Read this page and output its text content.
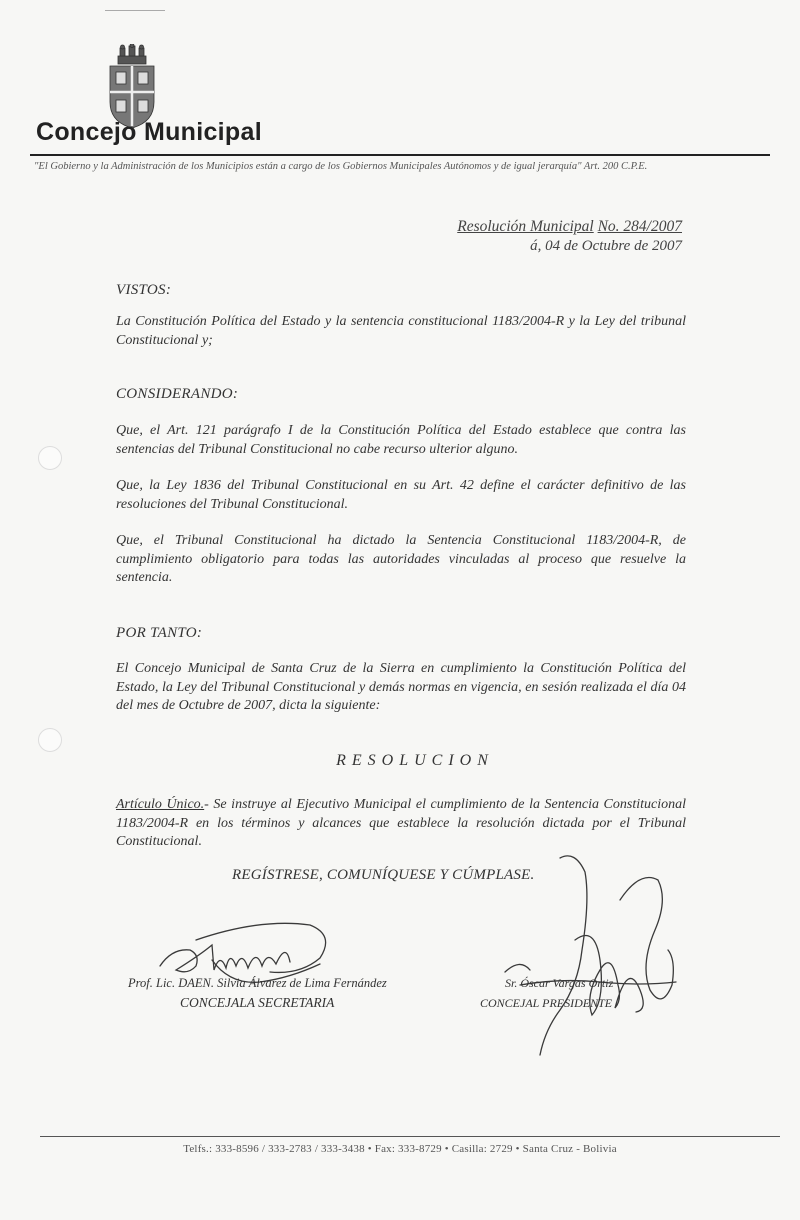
Concejo Municipal
"El Gobierno y la Administración de los Municipios están a cargo de los Gobiernos Municipales Autónomos y de igual jerarquía" Art. 200 C.P.E.
Resolución Municipal No. 284/2007
á, 04 de Octubre de 2007
VISTOS:
La Constitución Política del Estado y la sentencia constitucional 1183/2004-R y la Ley del tribunal Constitucional y;
CONSIDERANDO:
Que, el Art. 121 parágrafo I de la Constitución Política del Estado establece que contra las sentencias del Tribunal Constitucional no cabe recurso ulterior alguno.
Que, la Ley 1836 del Tribunal Constitucional en su Art. 42 define el carácter definitivo de las resoluciones del Tribunal Constitucional.
Que, el Tribunal Constitucional ha dictado la Sentencia Constitucional 1183/2004-R, de cumplimiento obligatorio para todas las autoridades vinculadas al proceso que resuelve la sentencia.
POR TANTO:
El Concejo Municipal de Santa Cruz de la Sierra en cumplimiento la Constitución Política del Estado, la Ley del Tribunal Constitucional y demás normas en vigencia, en sesión realizada el día 04 del mes de Octubre de 2007, dicta la siguiente:
RESOLUCION
Artículo Único.- Se instruye al Ejecutivo Municipal el cumplimiento de la Sentencia Constitucional 1183/2004-R en los términos y alcances que establece la resolución dictada por el Tribunal Constitucional.
REGÍSTRESE, COMUNÍQUESE Y CÚMPLASE.
Prof. Lic. DAEN. Silvia Álvarez de Lima Fernández
CONCEJALA SECRETARIA
Sr. Óscar Vargas Ortiz
CONCEJAL PRESIDENTE
Telfs.: 333-8596 / 333-2783 / 333-3438 • Fax: 333-8729 • Casilla: 2729 • Santa Cruz - Bolivia
